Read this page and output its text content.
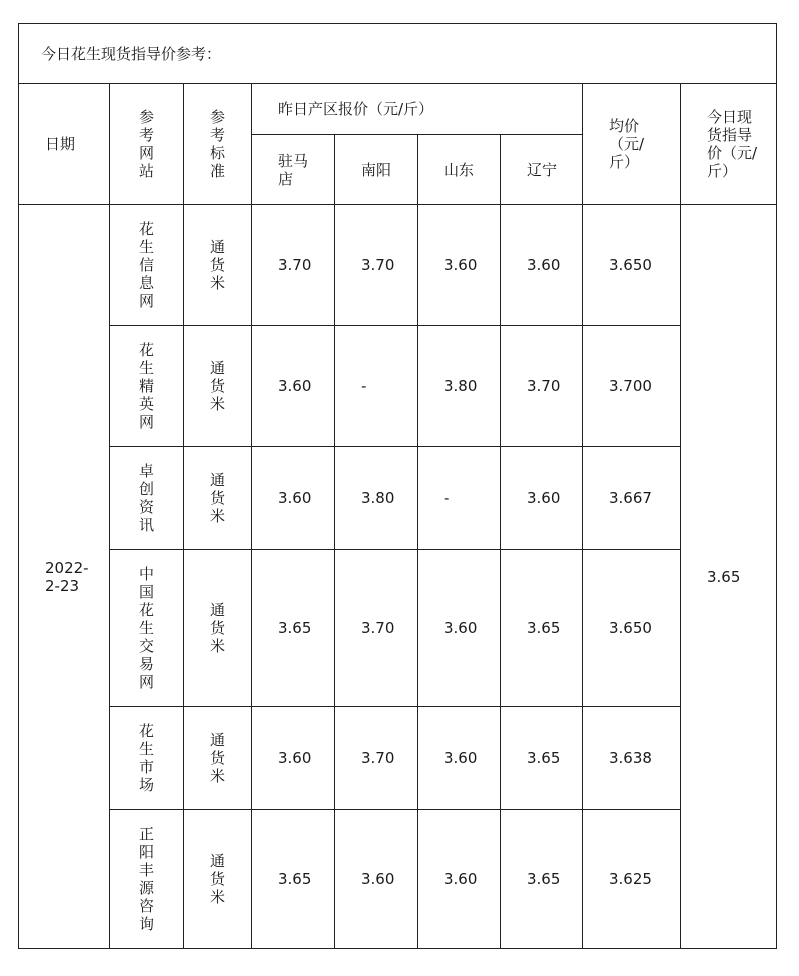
今日花生现货指导价参考：								
日期	参考网站	参考标准	昨日产区报价（元/斤）				均价（元/斤）	今日现货指导价（元/斤）

			驻马店	南阳	山东	辽宁		

2022-2-23	花生信息网	通货米	3.70	3.70	3.60	3.60	3.650	3.65

	花生精英网	通货米	3.60	-	3.80	3.70	3.700	

	卓创资讯	通货米	3.60	3.80	-	3.60	3.667	

	中国花生交易网	通货米	3.65	3.70	3.60	3.65	3.650	

	花生市场	通货米	3.60	3.70	3.60	3.65	3.638	

	正阳丰源咨询	通货米	3.65	3.60	3.60	3.65	3.625	
